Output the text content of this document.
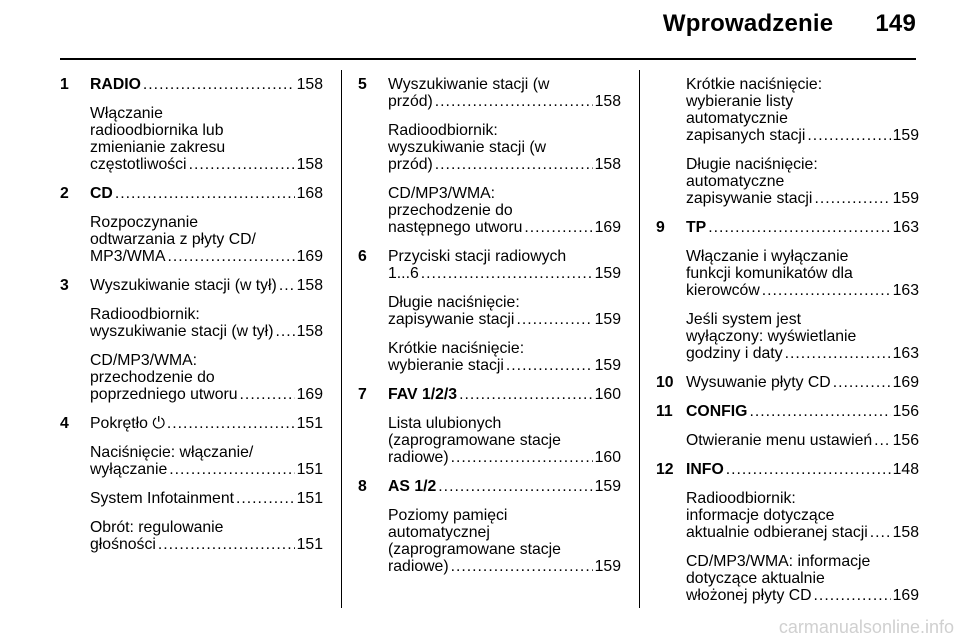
Wprowadzenie 149
1 RADIO .....	158
Włączanie
radioodbiornika lub
zmienianie zakresu
częstotliwości .....	158
2 CD .....	168
Rozpoczynanie
odtwarzania z płyty CD/
MP3/WMA .....	169
3 Wyszukiwanie stacji (w tył) ..... 158
Radioodbiornik:
wyszukiwanie stacji (w tył) ..... 158
CD/MP3/WMA:
przechodzenie do
poprzedniego utworu .....	169
4 Pokrętło ⏻ .....	151
Naciśnięcie: włączanie/
wyłączanie .....	151
System Infotainment .....	151
Obrót: regulowanie
głośności .....	151
5 Wyszukiwanie stacji (w
przód) .....	158
Radioodbiornik:
wyszukiwanie stacji (w
przód) .....	158
CD/MP3/WMA:
przechodzenie do
następnego utworu .....	169
6 Przyciski stacji radiowych
1...6 .....	159
Długie naciśnięcie:
zapisywanie stacji .....	159
Krótkie naciśnięcie:
wybieranie stacji .....	159
7 FAV 1/2/3 .....	160
Lista ulubionych
(zaprogramowane stacje
radiowe) .....	160
8 AS 1/2 .....	159
Poziomy pamięci
automatycznej
(zaprogramowane stacje
radiowe) .....	159
Krótkie naciśnięcie:
wybieranie listy
automatycznie
zapisanych stacji .....	159
Długie naciśnięcie:
automatyczne
zapisywanie stacji .....	159
9 TP .....	163
Włączanie i wyłączanie
funkcji komunikatów dla
kierowców .....	163
Jeśli system jest
wyłączony: wyświetlanie
godziny i daty .....	163
10 Wysuwanie płyty CD .....	169
11 CONFIG .....	156
Otwieranie menu ustawień ..... 156
12 INFO .....	148
Radioodbiornik:
informacje dotyczące
aktualnie odbieranej stacji ..... 158
CD/MP3/WMA: informacje
dotyczące aktualnie
włożonej płyty CD .....	169
carmanualsonline.info
